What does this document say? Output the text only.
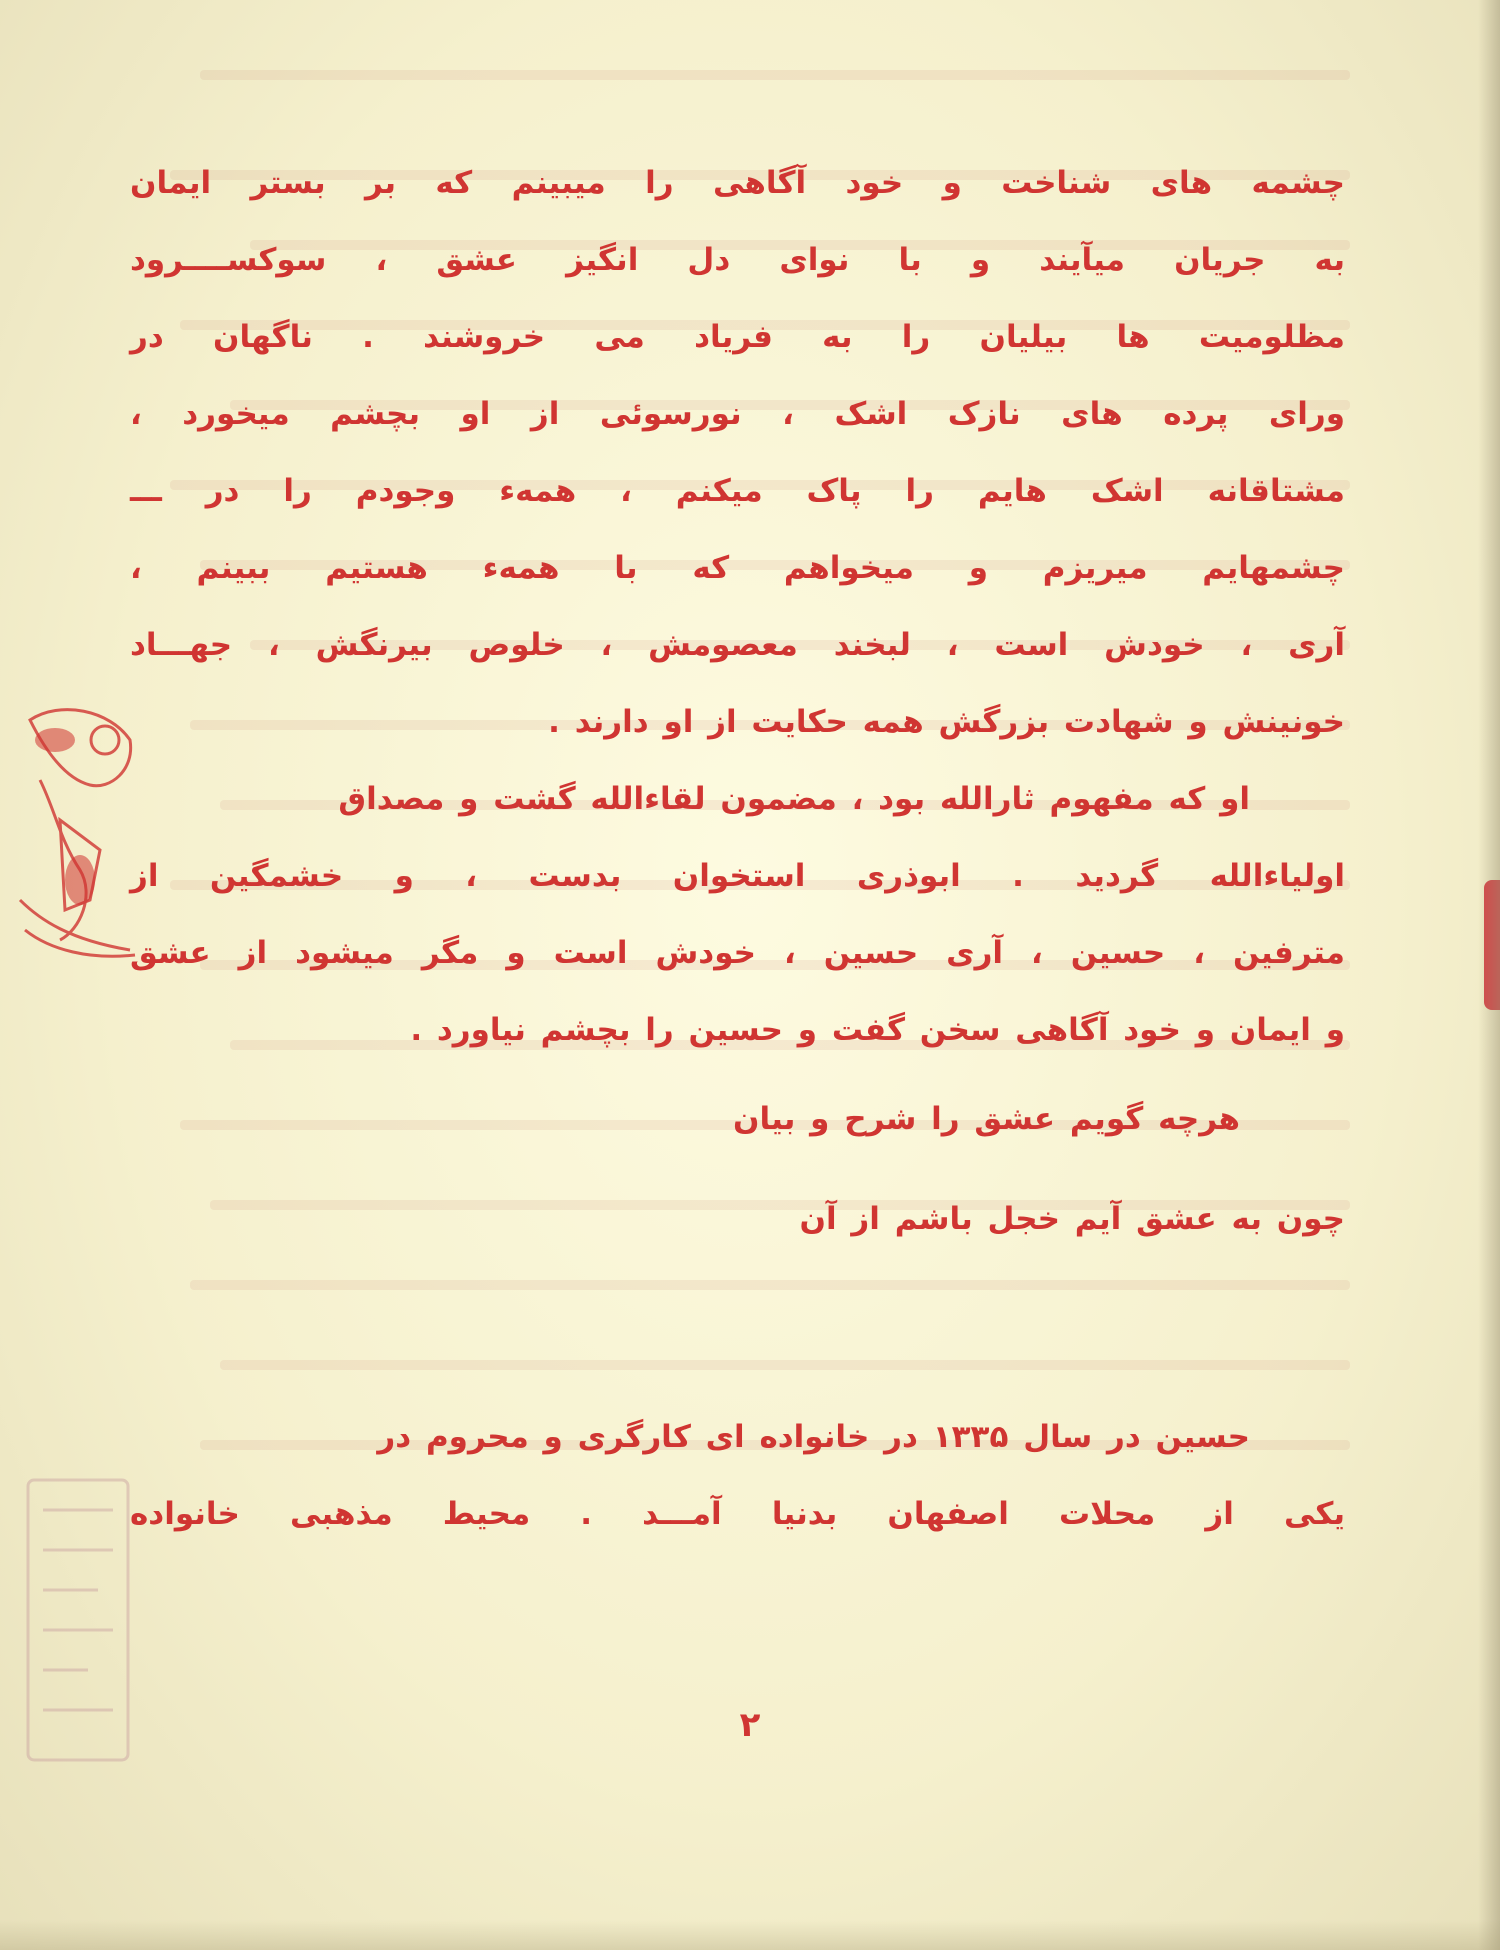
چشمه های شناخت و خود آگاهی را میبینم که بر بستر ایمان
به جریان میآیند و با نوای دل انگیز عشق ، سوکســــرود
مظلومیت ها بیلیان را به فریاد می خروشند . ناگهان در
ورای پرده های نازک اشک ، نورسوئی از او بچشم میخورد ،
مشتاقانه اشک هایم را پاک میکنم ، همهء وجودم را در ـــ
چشمهایم میریزم و میخواهم که با همهء هستیم ببینم ،
آری ، خودش است ، لبخند معصومش ، خلوص بیرنگش ، جهـــاد
خونینش و شهادت بزرگش همه حکایت از او دارند .
او که مفهوم ثارالله بود ، مضمون لقاءالله گشت و مصداق
اولیاءالله گردید . ابوذری استخوان بدست ، و خشمگین از
مترفین ، حسین ، آری حسین ، خودش است و مگر میشود از عشق
و ایمان و خود آگاهی سخن گفت و حسین را بچشم نیاورد .
هرچه گویم عشق را شرح و بیان
چون به عشق آیم خجل باشم از آن
حسین در سال ۱۳۳۵ در خانواده ای کارگری و محروم در
یکی از محلات اصفهان بدنیا آمـــد . محیط مذهبی خانواده
۲
